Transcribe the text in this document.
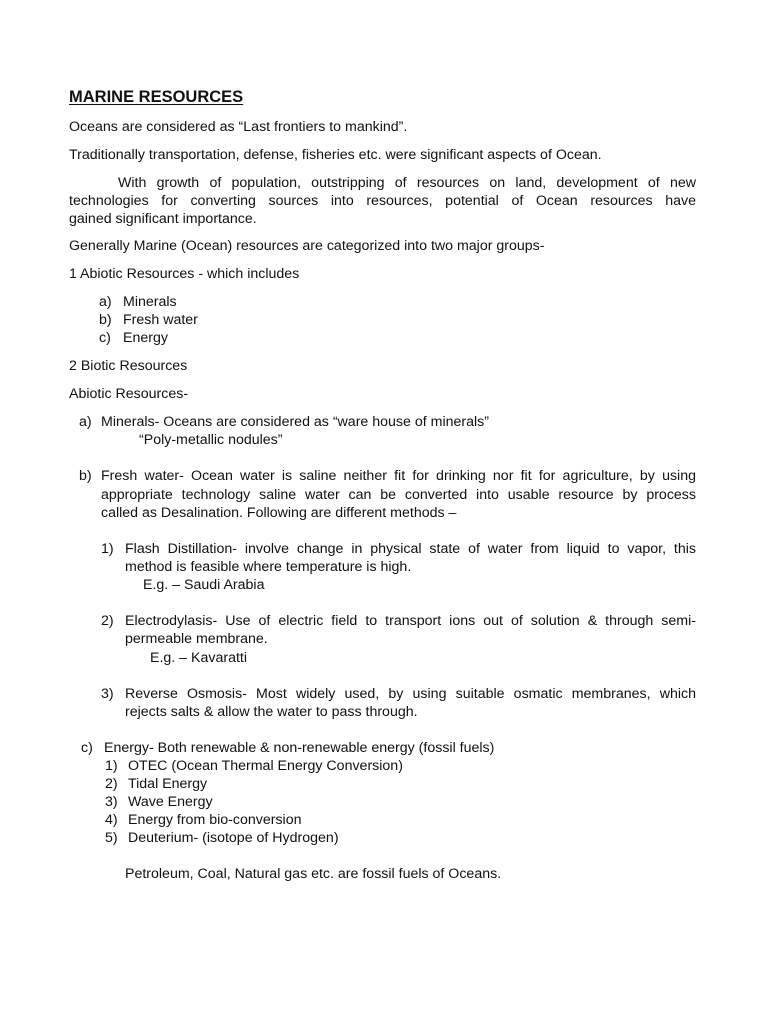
MARINE RESOURCES
Oceans are considered as “Last frontiers to mankind”.
Traditionally transportation, defense, fisheries etc. were significant aspects of Ocean.
With growth of population, outstripping of resources on land, development of new
technologies for converting sources into resources, potential of Ocean resources have
gained significant importance.
Generally Marine (Ocean) resources are categorized into two major groups-
1 Abiotic Resources - which includes
a) Minerals
b) Fresh water
c) Energy
2 Biotic Resources
Abiotic Resources-
a) Minerals- Oceans are considered as “ware house of minerals”
“Poly-metallic nodules”
b) Fresh water- Ocean water is saline neither fit for drinking nor fit for agriculture, by using
appropriate technology saline water can be converted into usable resource by process
called as Desalination. Following are different methods –
1) Flash Distillation- involve change in physical state of water from liquid to vapor, this
method is feasible where temperature is high.
E.g. – Saudi Arabia
2) Electrodylasis- Use of electric field to transport ions out of solution & through semi-
permeable membrane.
E.g. – Kavaratti
3) Reverse Osmosis- Most widely used, by using suitable osmatic membranes, which
rejects salts & allow the water to pass through.
c) Energy- Both renewable & non-renewable energy (fossil fuels)
1) OTEC (Ocean Thermal Energy Conversion)
2) Tidal Energy
3) Wave Energy
4) Energy from bio-conversion
5) Deuterium- (isotope of Hydrogen)
Petroleum, Coal, Natural gas etc. are fossil fuels of Oceans.
